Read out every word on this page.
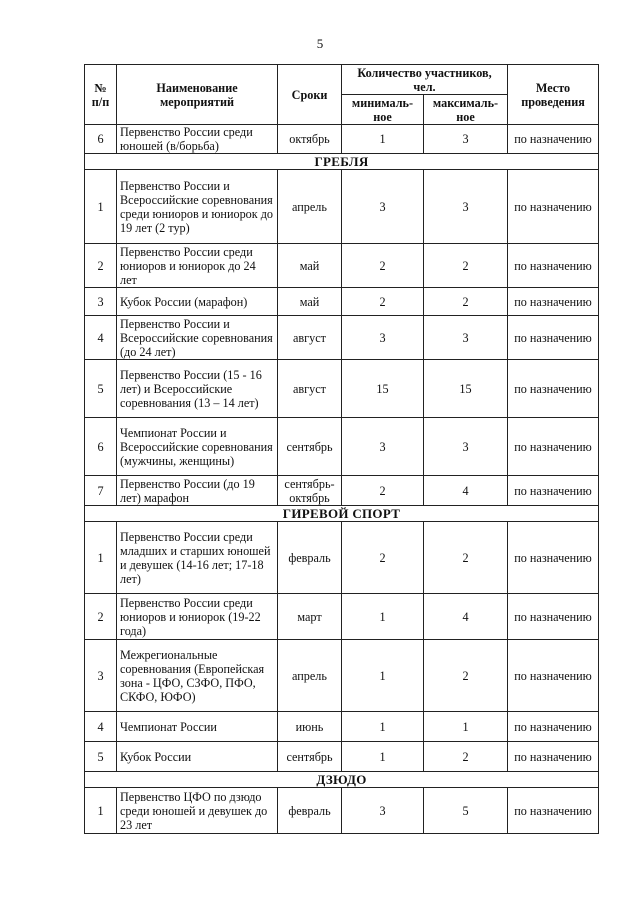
5
№ п/п	Наименование мероприятий	Сроки	Количество участников, чел.		Место проведения
			минималь-ное	максималь-ное	
6	Первенство России среди юношей (в/борьба)	октябрь	1	3	по назначению
ГРЕБЛЯ					
1	Первенство России и Всероссийские соревнования среди юниоров и юниорок до 19 лет (2 тур)	апрель	3	3	по назначению
2	Первенство России среди юниоров и юниорок до 24 лет	май	2	2	по назначению
3	Кубок России (марафон)	май	2	2	по назначению
4	Первенство России и Всероссийские соревнования (до 24 лет)	август	3	3	по назначению
5	Первенство России (15 - 16 лет) и Всероссийские соревнования (13 – 14 лет)	август	15	15	по назначению
6	Чемпионат России и Всероссийские соревнования (мужчины, женщины)	сентябрь	3	3	по назначению
7	Первенство России (до 19 лет) марафон	сентябрь-октябрь	2	4	по назначению
ГИРЕВОЙ СПОРТ					
1	Первенство России среди младших и старших юношей и девушек (14-16 лет; 17-18 лет)	февраль	2	2	по назначению
2	Первенство России среди юниоров и юниорок (19-22 года)	март	1	4	по назначению
3	Межрегиональные соревнования (Европейская зона - ЦФО, СЗФО, ПФО, СКФО, ЮФО)	апрель	1	2	по назначению
4	Чемпионат России	июнь	1	1	по назначению
5	Кубок России	сентябрь	1	2	по назначению
ДЗЮДО					
1	Первенство ЦФО по дзюдо среди юношей и девушек до 23 лет	февраль	3	5	по назначению
